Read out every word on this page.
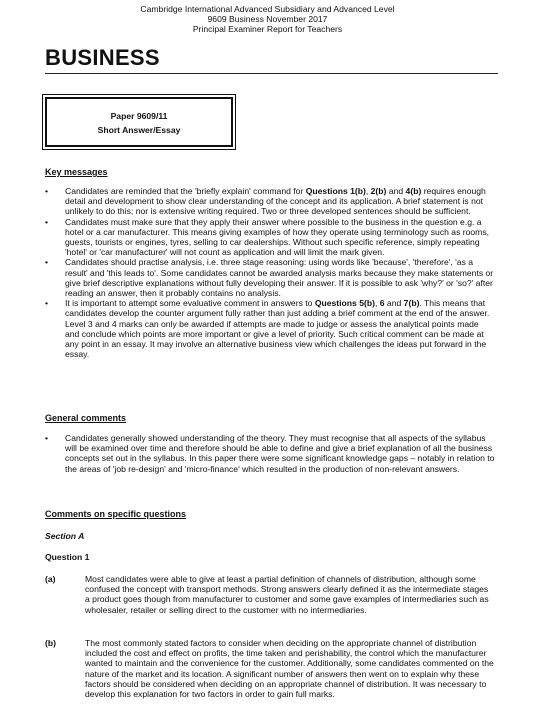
Cambridge International Advanced Subsidiary and Advanced Level
9609 Business November 2017
Principal Examiner Report for Teachers
BUSINESS
Paper 9609/11
Short Answer/Essay
Key messages

• Candidates are reminded that the 'briefly explain' command for Questions 1(b), 2(b) and 4(b) requires enough detail and development to show clear understanding of the concept and its application. A brief statement is not unlikely to do this; nor is extensive writing required. Two or three developed sentences should be sufficient.

• Candidates must make sure that they apply their answer where possible to the business in the question e.g. a hotel or a car manufacturer. This means giving examples of how they operate using terminology such as rooms, guests, tourists or engines, tyres, selling to car dealerships. Without such specific reference, simply repeating 'hotel' or 'car manufacturer' will not count as application and will limit the mark given.

• Candidates should practise analysis, i.e. three stage reasoning: using words like 'because', 'therefore', 'as a result' and 'this leads to'. Some candidates cannot be awarded analysis marks because they make statements or give brief descriptive explanations without fully developing their answer. If it is possible to ask 'why?' or 'so?' after reading an answer, then it probably contains no analysis.

• It is important to attempt some evaluative comment in answers to Questions 5(b), 6 and 7(b). This means that candidates develop the counter argument fully rather than just adding a brief comment at the end of the answer. Level 3 and 4 marks can only be awarded if attempts are made to judge or assess the analytical points made and conclude which points are more important or give a level of priority. Such critical comment can be made at any point in an essay. It may involve an alternative business view which challenges the ideas put forward in the essay.

General comments

• Candidates generally showed understanding of the theory. They must recognise that all aspects of the syllabus will be examined over time and therefore should be able to define and give a brief explanation of all the business concepts set out in the syllabus. In this paper there were some significant knowledge gaps – notably in relation to the areas of 'job re-design' and 'micro-finance' which resulted in the production of non-relevant answers.

Comments on specific questions
Section A
Question 1
(a)	Most candidates were able to give at least a partial definition of channels of distribution, although some confused the concept with transport methods. Strong answers clearly defined it as the intermediate stages a product goes though from manufacturer to customer and some gave examples of intermediaries such as wholesaler, retailer or selling direct to the customer with no intermediaries.
(b)	The most commonly stated factors to consider when deciding on the appropriate channel of distribution included the cost and effect on profits, the time taken and perishability, the control which the manufacturer wanted to maintain and the convenience for the customer. Additionally, some candidates commented on the nature of the market and its location. A significant number of answers then went on to explain why these factors should be considered when deciding on an appropriate channel of distribution. It was necessary to develop this explanation for two factors in order to gain full marks.
